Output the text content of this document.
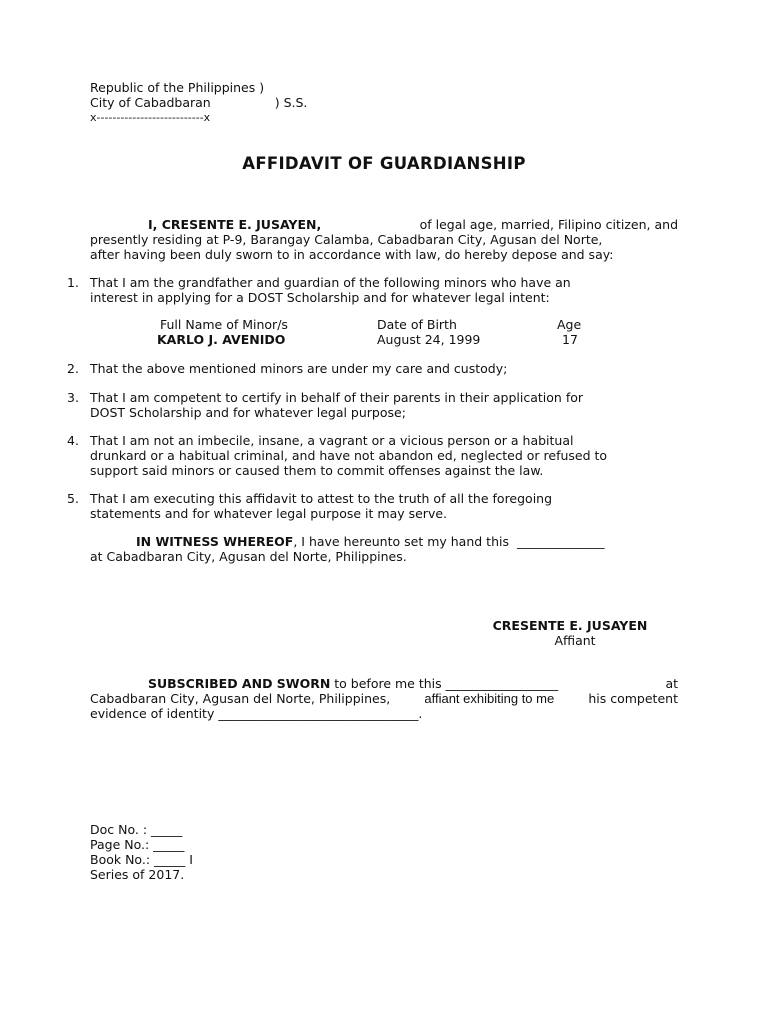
Republic of the Philippines )
City of Cabadbaran	) S.S.
x---------------------------x
AFFIDAVIT OF GUARDIANSHIP
I, CRESENTE E. JUSAYEN,	of legal age, married, Filipino citizen, and
presently residing at P-9, Barangay Calamba, Cabadbaran City, Agusan del Norte,
after having been duly sworn to in accordance with law, do hereby depose and say:
1. That I am the grandfather and guardian of the following minors who have an
interest in applying for a DOST Scholarship and for whatever legal intent:
Full Name of Minor/s	Date of Birth	Age
KARLO J. AVENIDO	August 24, 1999	17
2. That the above mentioned minors are under my care and custody;
3. That I am competent to certify in behalf of their parents in their application for
DOST Scholarship and for whatever legal purpose;
4. That I am not an imbecile, insane, a vagrant or a vicious person or a habitual
drunkard or a habitual criminal, and have not abandon ed, neglected or refused to
support said minors or caused them to commit offenses against the law.
5. That I am executing this affidavit to attest to the truth of all the foregoing
statements and for whatever legal purpose it may serve.
IN WITNESS WHEREOF , I have hereunto set my hand this ______________
at Cabadbaran City, Agusan del Norte, Philippines.
CRESENTE E. JUSAYEN
Affiant
SUBSCRIBED AND SWORN to before me this __________________	at
Cabadbaran City, Agusan del Norte, Philippines,	affiant exhibiting to me	his competent
evidence of identity
________________________________ .
Doc No. : _____
Page No.: _____
Book No.: _____ I
Series of 2017.
